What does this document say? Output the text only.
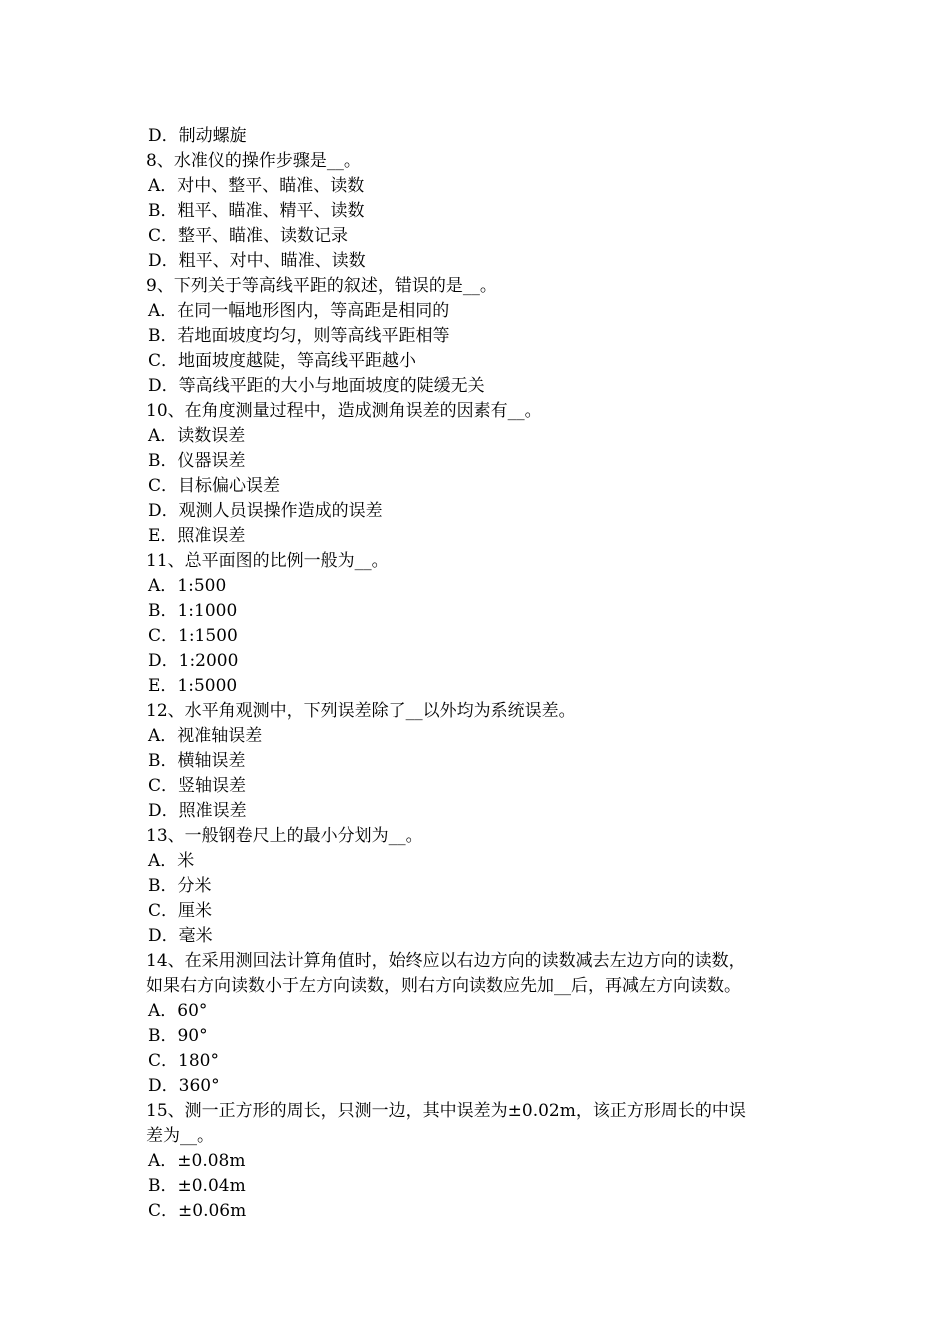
D．制动螺旋
8、水准仪的操作步骤是__。
A．对中、整平、瞄准、读数
B．粗平、瞄准、精平、读数
C．整平、瞄准、读数记录
D．粗平、对中、瞄准、读数
9、下列关于等高线平距的叙述，错误的是__。
A．在同一幅地形图内，等高距是相同的
B．若地面坡度均匀，则等高线平距相等
C．地面坡度越陡，等高线平距越小
D．等高线平距的大小与地面坡度的陡缓无关
10、在角度测量过程中，造成测角误差的因素有__。
A．读数误差
B．仪器误差
C．目标偏心误差
D．观测人员误操作造成的误差
E．照准误差
11、总平面图的比例一般为__。
A．1:500
B．1:1000
C．1:1500
D．1:2000
E．1:5000
12、水平角观测中，下列误差除了__以外均为系统误差。
A．视准轴误差
B．横轴误差
C．竖轴误差
D．照准误差
13、一般钢卷尺上的最小分划为__。
A．米
B．分米
C．厘米
D．毫米
14、在采用测回法计算角值时，始终应以右边方向的读数减去左边方向的读数，
如果右方向读数小于左方向读数，则右方向读数应先加__后，再减左方向读数。
A．60°
B．90°
C．180°
D．360°
15、测一正方形的周长，只测一边，其中误差为±0.02m，该正方形周长的中误
差为__。
A．±0.08m
B．±0.04m
C．±0.06m
